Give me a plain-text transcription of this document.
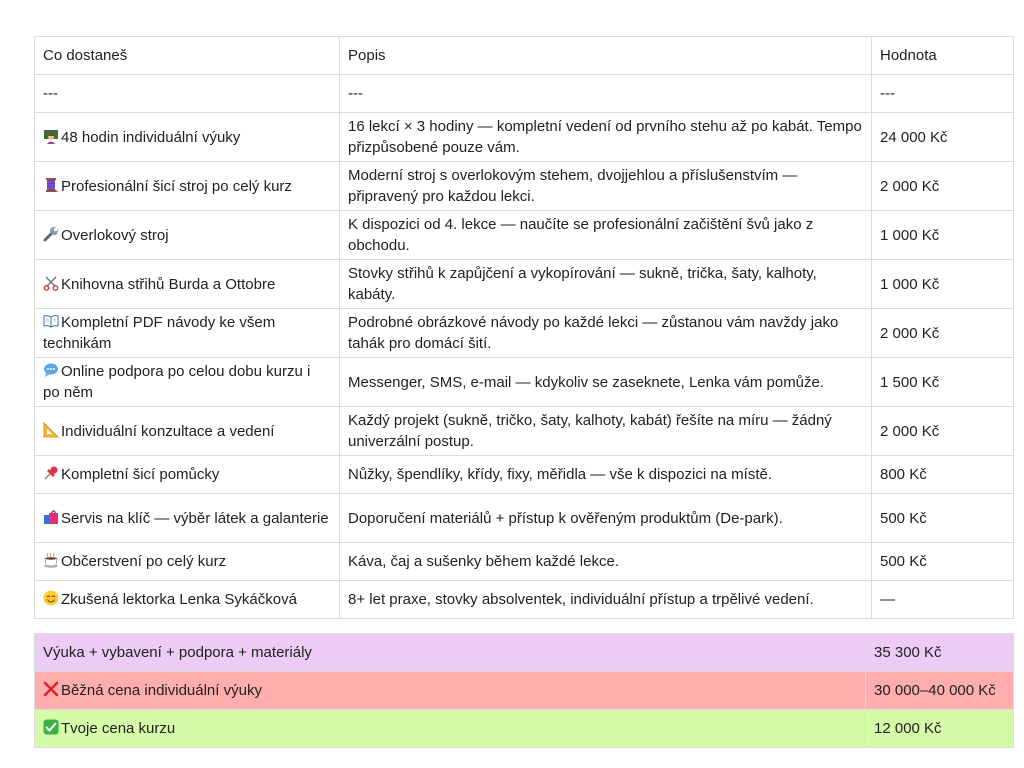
Co dostaneš	Popis	Hodnota
---	---	---

48 hodin individuální výuky	16 lekcí × 3 hodiny — kompletní vedení od prvního stehu až po kabát. Tempo přizpůsobené pouze vám.	24 000 Kč

Profesionální šicí stroj po celý kurz	Moderní stroj s overlokovým stehem, dvojjehlou a příslušenstvím — připravený pro každou lekci.	2 000 Kč

Overlokový stroj	K dispozici od 4. lekce — naučíte se profesionální začištění švů jako z obchodu.	1 000 Kč

Knihovna střihů Burda a Ottobre	Stovky střihů k zapůjčení a vykopírování — sukně, trička, šaty, kalhoty, kabáty.	1 000 Kč

Kompletní PDF návody ke všem technikám	Podrobné obrázkové návody po každé lekci — zůstanou vám navždy jako tahák pro domácí šití.	2 000 Kč

Online podpora po celou dobu kurzu i po něm	Messenger, SMS, e-mail — kdykoliv se zaseknete, Lenka vám pomůže.	1 500 Kč

Individuální konzultace a vedení	Každý projekt (sukně, tričko, šaty, kalhoty, kabát) řešíte na míru — žádný univerzální postup.	2 000 Kč

Kompletní šicí pomůcky	Nůžky, špendlíky, křídy, fixy, měřidla — vše k dispozici na místě.	800 Kč

Servis na klíč — výběr látek a galanterie	Doporučení materiálů + přístup k ověřeným produktům (De-park).	500 Kč

Občerstvení po celý kurz	Káva, čaj a sušenky během každé lekce.	500 Kč

Zkušená lektorka Lenka Sykáčková	8+ let praxe, stovky absolventek, individuální přístup a trpělivé vedení.	—
Výuka + vybavení + podpora + materiály	35 300 Kč

Běžná cena individuální výuky	30 000–40 000 Kč

Tvoje cena kurzu	12 000 Kč
